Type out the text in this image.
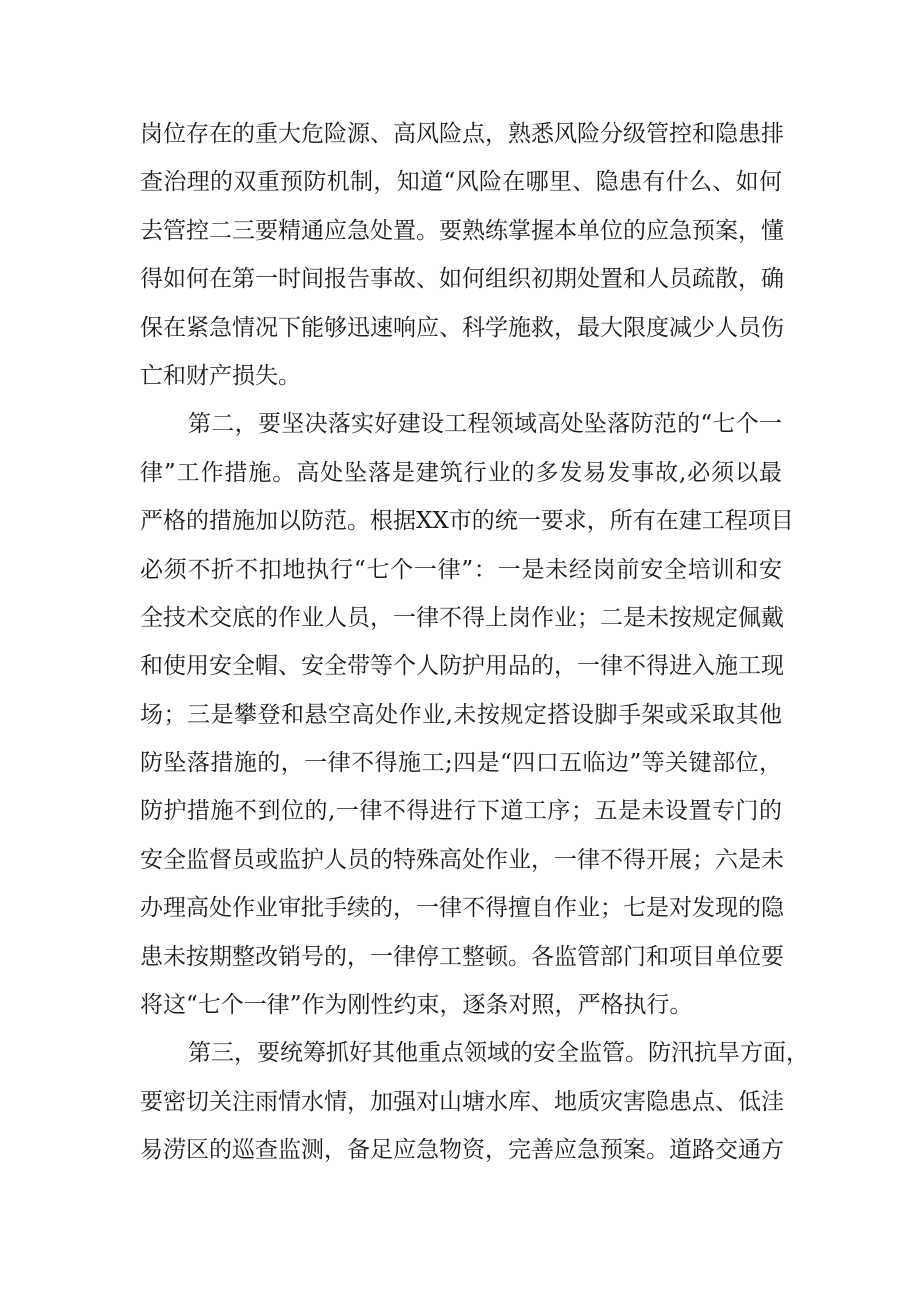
岗位存在的重大危险源、高风险点，熟悉风险分级管控和隐患排
查治理的双重预防机制，知道“风险在哪里、隐患有什么、如何
去管控二三要精通应急处置。要熟练掌握本单位的应急预案，懂
得如何在第一时间报告事故、如何组织初期处置和人员疏散，确
保在紧急情况下能够迅速响应、科学施救，最大限度减少人员伤
亡和财产损失。
第二，要坚决落实好建设工程领域高处坠落防范的“七个一
律”工作措施。高处坠落是建筑行业的多发易发事故,必须以最
严格的措施加以防范。根据XX市的统一要求，所有在建工程项目
必须不折不扣地执行“七个一律”：一是未经岗前安全培训和安
全技术交底的作业人员，一律不得上岗作业；二是未按规定佩戴
和使用安全帽、安全带等个人防护用品的，一律不得进入施工现
场；三是攀登和悬空高处作业,未按规定搭设脚手架或采取其他
防坠落措施的，一律不得施工;四是“四口五临边”等关键部位，
防护措施不到位的,一律不得进行下道工序；五是未设置专门的
安全监督员或监护人员的特殊高处作业，一律不得开展；六是未
办理高处作业审批手续的，一律不得擅自作业；七是对发现的隐
患未按期整改销号的，一律停工整顿。各监管部门和项目单位要
将这“七个一律”作为刚性约束，逐条对照，严格执行。
第三，要统筹抓好其他重点领域的安全监管。防汛抗旱方面，
要密切关注雨情水情，加强对山塘水库、地质灾害隐患点、低洼
易涝区的巡查监测，备足应急物资，完善应急预案。道路交通方
